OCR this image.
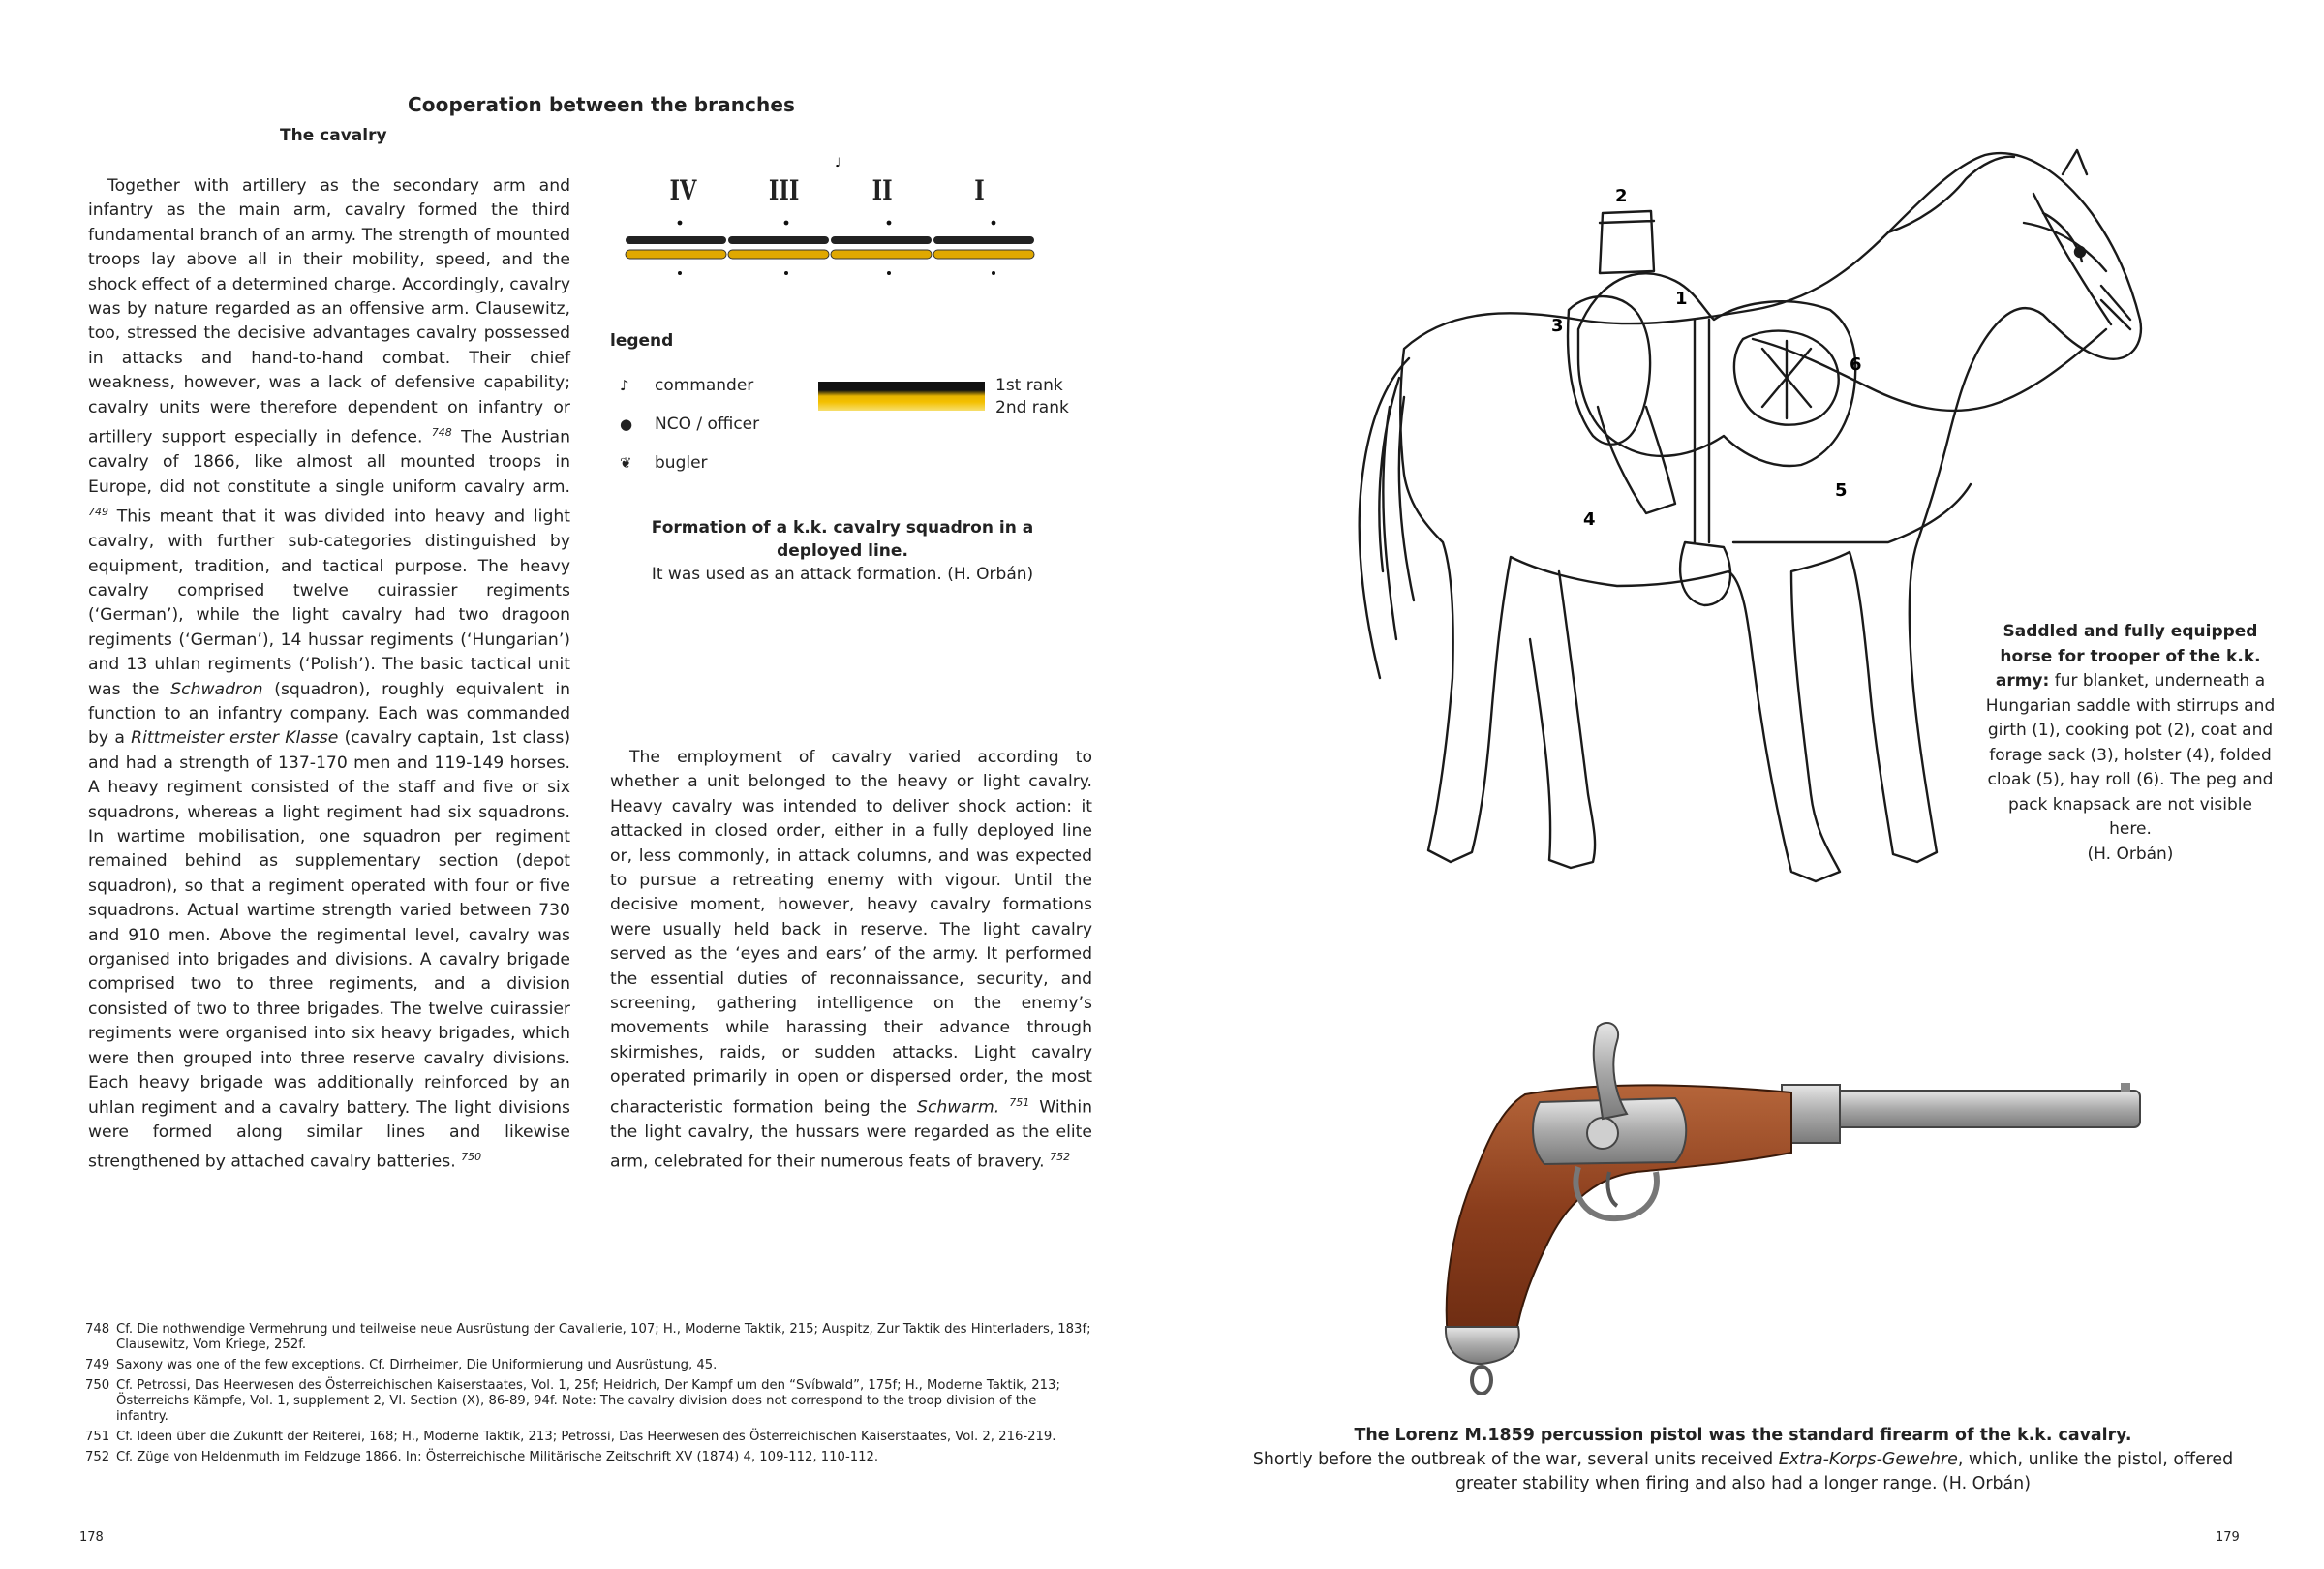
Cooperation between the branches
The cavalry
Together with artillery as the secondary arm and infantry as the main arm, cavalry formed the third fundamental branch of an army. The strength of mounted troops lay above all in their mobility, speed, and the shock effect of a determined charge. Accordingly, cavalry was by nature regarded as an offensive arm. Clausewitz, too, stressed the decisive advantages cavalry possessed in attacks and hand-to-hand combat. Their chief weakness, however, was a lack of defensive capability; cavalry units were therefore dependent on infantry or artillery support especially in defence. $^{748}$ The Austrian cavalry of 1866, like almost all mounted troops in Europe, did not constitute a single uniform cavalry arm. $^{749}$ This meant that it was divided into heavy and light cavalry, with further sub-categories distinguished by equipment, tradition, and tactical purpose. The heavy cavalry comprised twelve cuirassier regiments (‘German’), while the light cavalry had two dragoon regiments (‘German’), 14 hussar regiments (‘Hungarian’) and 13 uhlan regiments (‘Polish’). The basic tactical unit was the Schwadron (squadron), roughly equivalent in function to an infantry company. Each was commanded by a Rittmeister erster Klasse (cavalry captain, 1st class) and had a strength of 137-170 men and 119-149 horses. A heavy regiment consisted of the staff and five or six squadrons, whereas a light regiment had six squadrons. In wartime mobilisation, one squadron per regiment remained behind as supplementary section (depot squadron), so that a regiment operated with four or five squadrons. Actual wartime strength varied between 730 and 910 men. Above the regimental level, cavalry was organised into brigades and divisions. A cavalry brigade comprised two to three regiments, and a division consisted of two to three brigades. The twelve cuirassier regiments were organised into six heavy brigades, which were then grouped into three reserve cavalry divisions. Each heavy brigade was additionally reinforced by an uhlan regiment and a cavalry battery. The light divisions were formed along similar lines and likewise strengthened by attached cavalry batteries. $^{750}$
IV	III	II	I
♩
legend
♪	commander
●	NCO / officer
❦	bugler
1st rank
2nd rank
Formation of a k.k. cavalry squadron in a deployed line.
It was used as an attack formation. (H. Orbán)
The employment of cavalry varied according to whether a unit belonged to the heavy or light cavalry. Heavy cavalry was intended to deliver shock action: it attacked in closed order, either in a fully deployed line or, less commonly, in attack columns, and was expected to pursue a retreating enemy with vigour. Until the decisive moment, however, heavy cavalry formations were usually held back in reserve. The light cavalry served as the ‘eyes and ears’ of the army. It performed the essential duties of reconnaissance, security, and screening, gathering intelligence on the enemy’s movements while harassing their advance through skirmishes, raids, or sudden attacks. Light cavalry operated primarily in open or dispersed order, the most characteristic formation being the Schwarm. $^{751}$ Within the light cavalry, the hussars were regarded as the elite arm, celebrated for their numerous feats of bravery. $^{752}$
748 Cf. Die nothwendige Vermehrung und teilweise neue Ausrüstung der Cavallerie, 107; H., Moderne Taktik, 215; Auspitz, Zur Taktik des Hinterladers, 183f; Clausewitz, Vom Kriege, 252f.
749 Saxony was one of the few exceptions. Cf. Dirrheimer, Die Uniformierung und Ausrüstung, 45.
750 Cf. Petrossi, Das Heerwesen des Österreichischen Kaiserstaates, Vol. 1, 25f; Heidrich, Der Kampf um den “Svíbwald”, 175f; H., Moderne Taktik, 213; Österreichs Kämpfe, Vol. 1, supplement 2, VI. Section (X), 86-89, 94f. Note: The cavalry division does not correspond to the troop division of the infantry.
751 Cf. Ideen über die Zukunft der Reiterei, 168; H., Moderne Taktik, 213; Petrossi, Das Heerwesen des Österreichischen Kaiserstaates, Vol. 2, 216-219.
752 Cf. Züge von Heldenmuth im Feldzuge 1866. In: Österreichische Militärische Zeitschrift XV (1874) 4, 109-112, 110-112.
178
1
2
3
4
5
6
Saddled and fully equipped horse for trooper of the k.k. army: fur blanket, underneath a Hungarian saddle with stirrups and girth (1), cooking pot (2), coat and forage sack (3), holster (4), folded cloak (5), hay roll (6). The peg and pack knapsack are not visible here.
(H. Orbán)
The Lorenz M.1859 percussion pistol was the standard firearm of the k.k. cavalry.
Shortly before the outbreak of the war, several units received Extra-Korps-Gewehre, which, unlike the pistol, offered greater stability when firing and also had a longer range. (H. Orbán)
179
